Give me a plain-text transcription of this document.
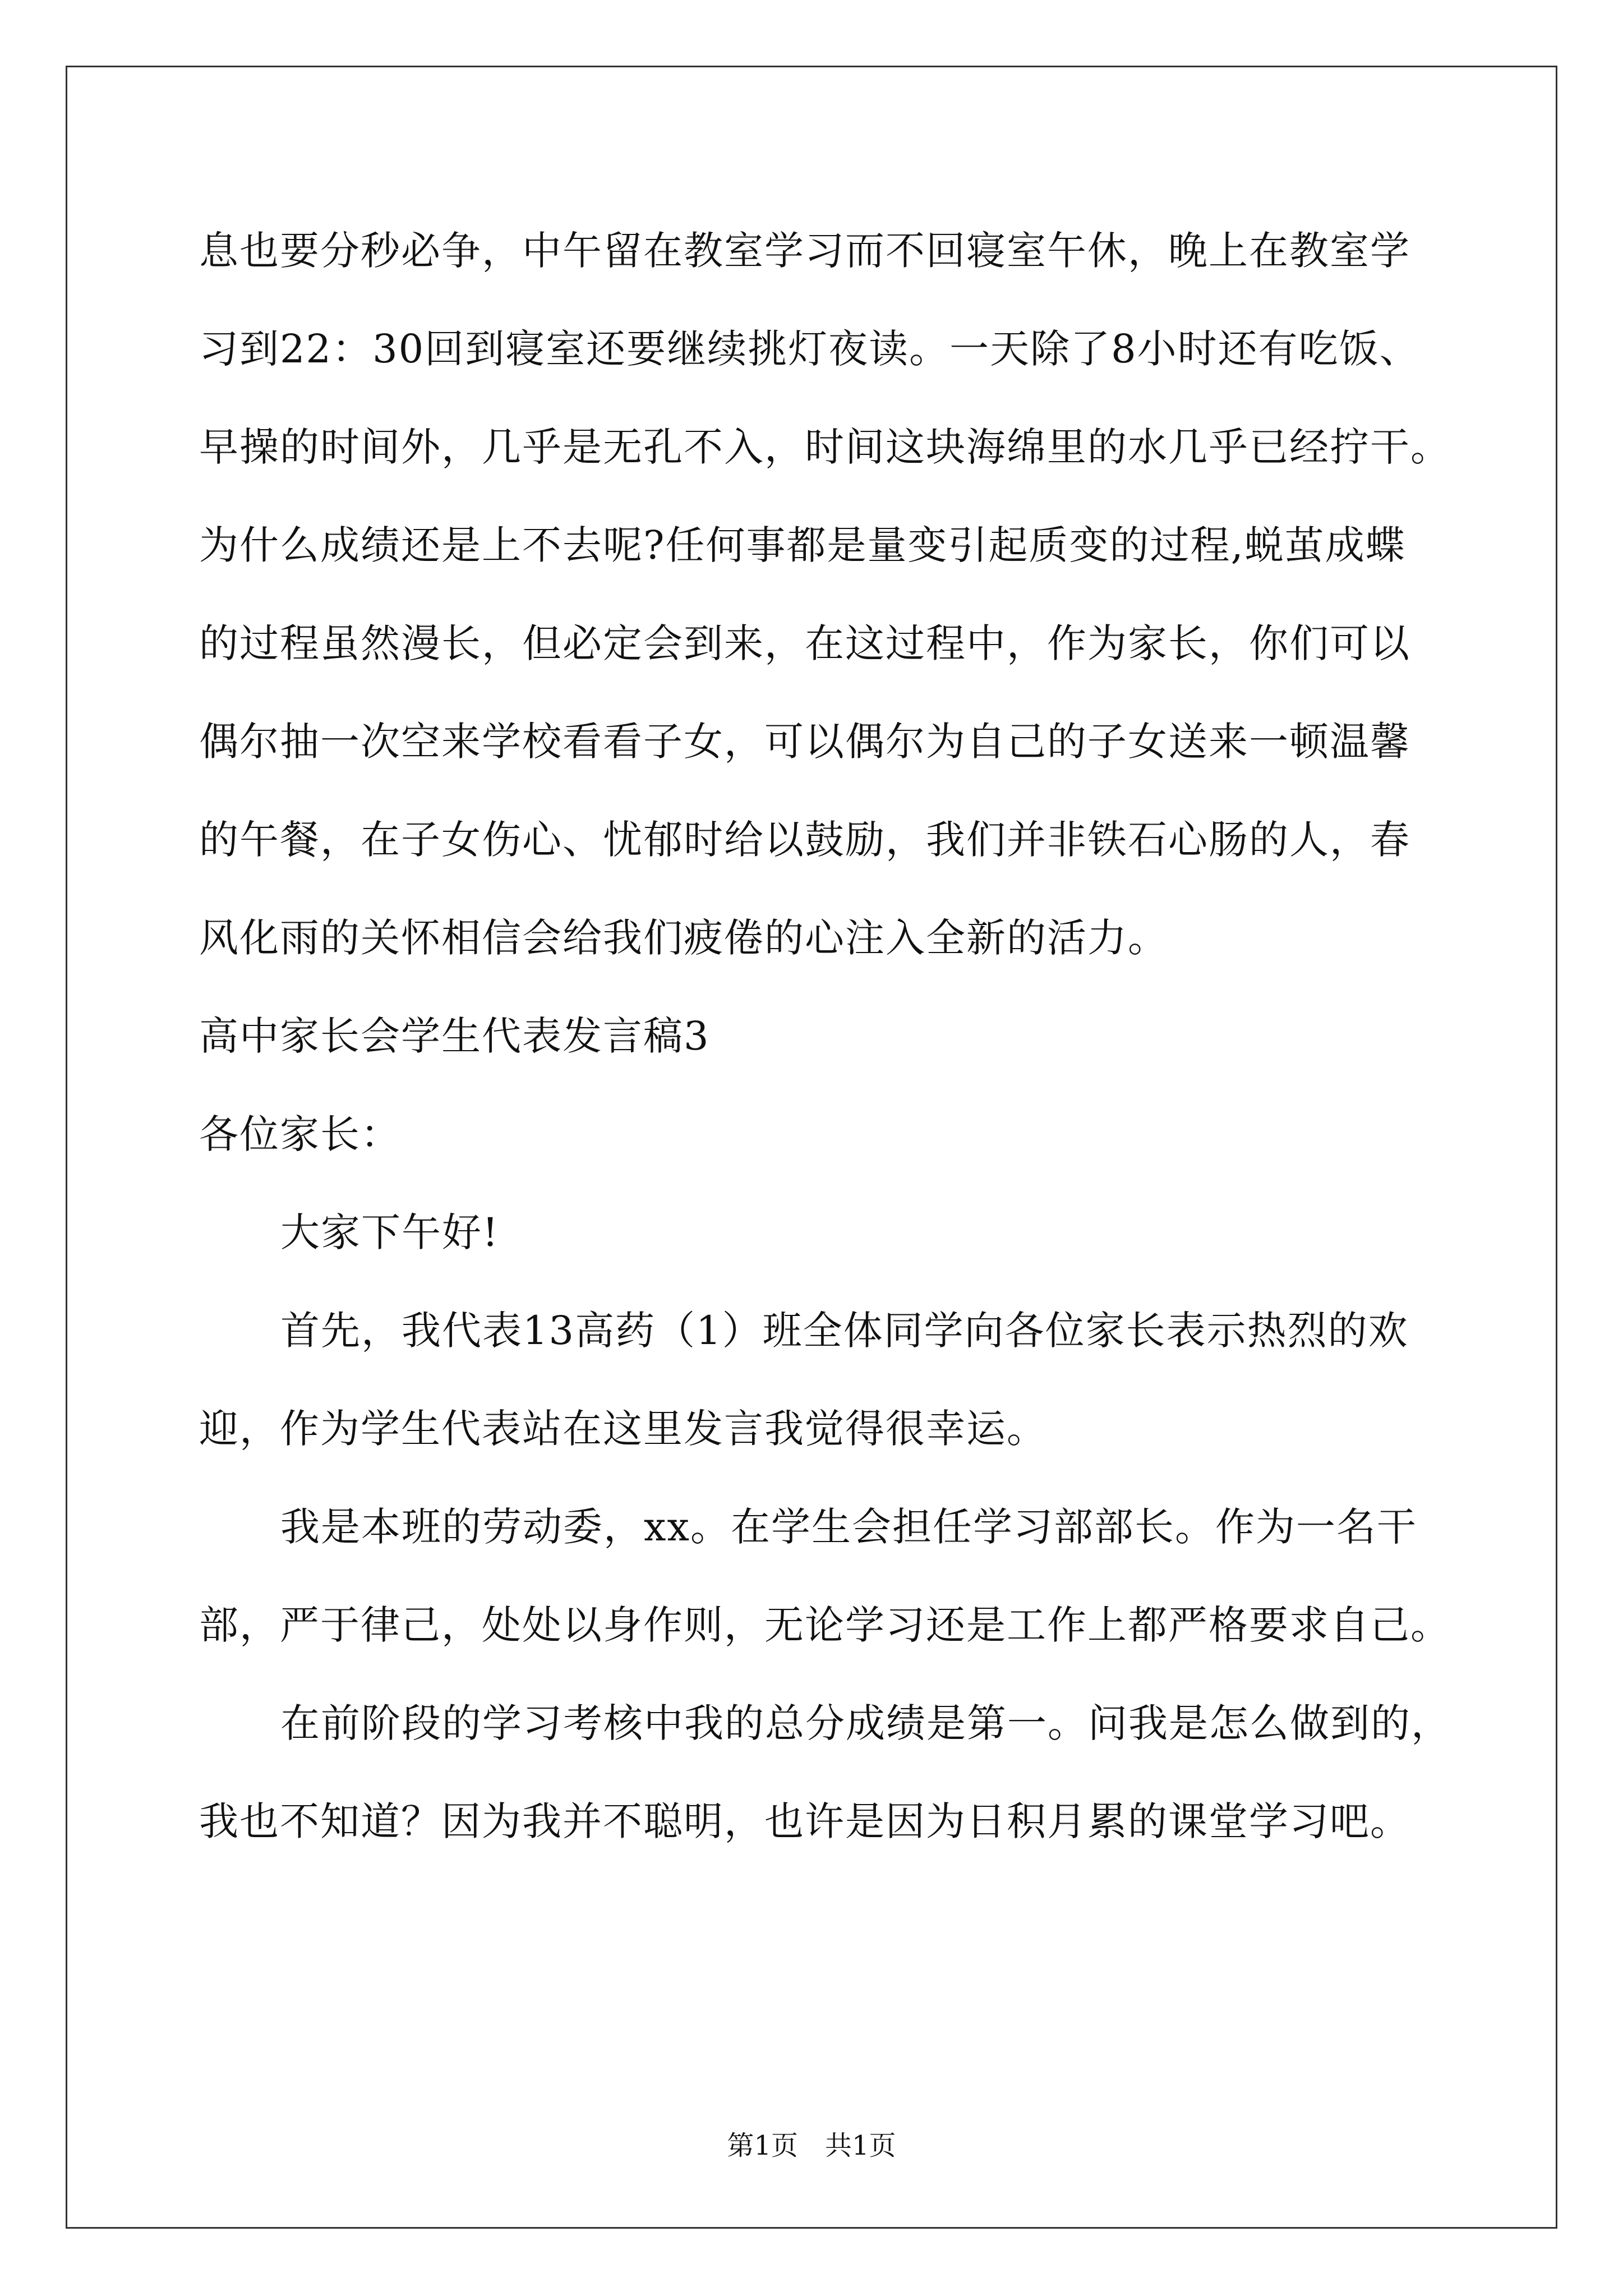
息也要分秒必争，中午留在教室学习而不回寝室午休，晚上在教室学
习到22：30回到寝室还要继续挑灯夜读。一天除了8小时还有吃饭、
早操的时间外，几乎是无孔不入，时间这块海绵里的水几乎已经拧干。
为什么成绩还是上不去呢?任何事都是量变引起质变的过程,蜕茧成蝶
的过程虽然漫长，但必定会到来，在这过程中，作为家长，你们可以
偶尔抽一次空来学校看看子女，可以偶尔为自己的子女送来一顿温馨
的午餐，在子女伤心、忧郁时给以鼓励，我们并非铁石心肠的人，春
风化雨的关怀相信会给我们疲倦的心注入全新的活力。
高中家长会学生代表发言稿3
各位家长：
大家下午好!
首先，我代表13高药（1）班全体同学向各位家长表示热烈的欢
迎，作为学生代表站在这里发言我觉得很幸运。
我是本班的劳动委，xx。在学生会担任学习部部长。作为一名干
部，严于律己，处处以身作则，无论学习还是工作上都严格要求自己。
在前阶段的学习考核中我的总分成绩是第一。问我是怎么做到的，
我也不知道？因为我并不聪明，也许是因为日积月累的课堂学习吧。
第1页　共1页
